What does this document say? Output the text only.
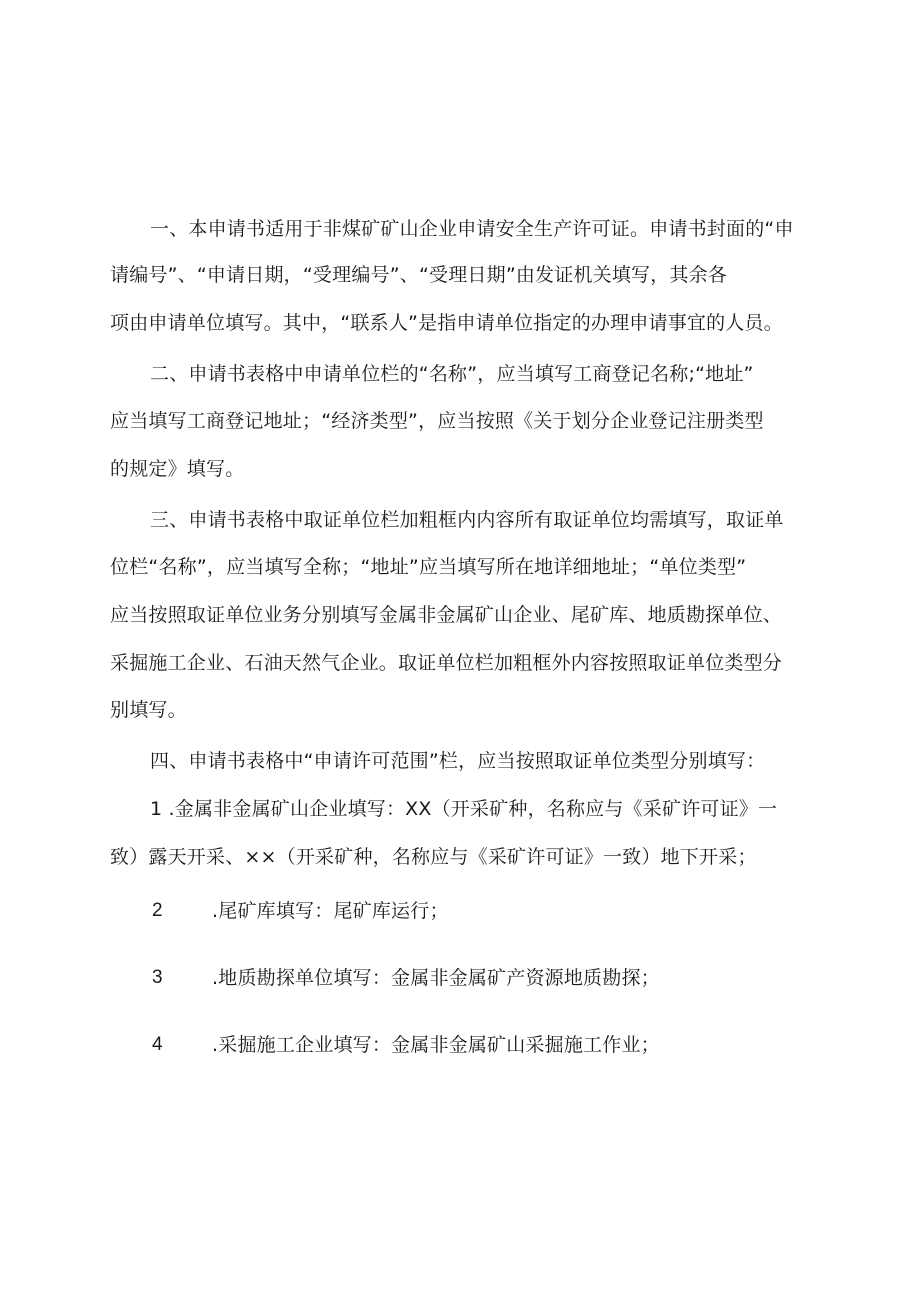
一、本申请书适用于非煤矿矿山企业申请安全生产许可证。申请书封面的“申
请编号”、“申请日期，“受理编号”、“受理日期”由发证机关填写，其余各
项由申请单位填写。其中，“联系人”是指申请单位指定的办理申请事宜的人员。
二、申请书表格中申请单位栏的“名称”，应当填写工商登记名称;“地址”
应当填写工商登记地址；“经济类型”，应当按照《关于划分企业登记注册类型
的规定》填写。
三、申请书表格中取证单位栏加粗框内内容所有取证单位均需填写，取证单
位栏“名称”，应当填写全称；“地址”应当填写所在地详细地址；“单位类型”
应当按照取证单位业务分别填写金属非金属矿山企业、尾矿库、地质勘探单位、
采掘施工企业、石油天然气企业。取证单位栏加粗框外内容按照取证单位类型分
别填写。
四、申请书表格中“申请许可范围”栏，应当按照取证单位类型分别填写：
1 .金属非金属矿山企业填写：XX（开采矿种，名称应与《采矿许可证》一
致）露天开采、××（开采矿种，名称应与《采矿许可证》一致）地下开采；
2	.尾矿库填写：尾矿库运行；
3	.地质勘探单位填写：金属非金属矿产资源地质勘探；
4	.采掘施工企业填写：金属非金属矿山采掘施工作业；
